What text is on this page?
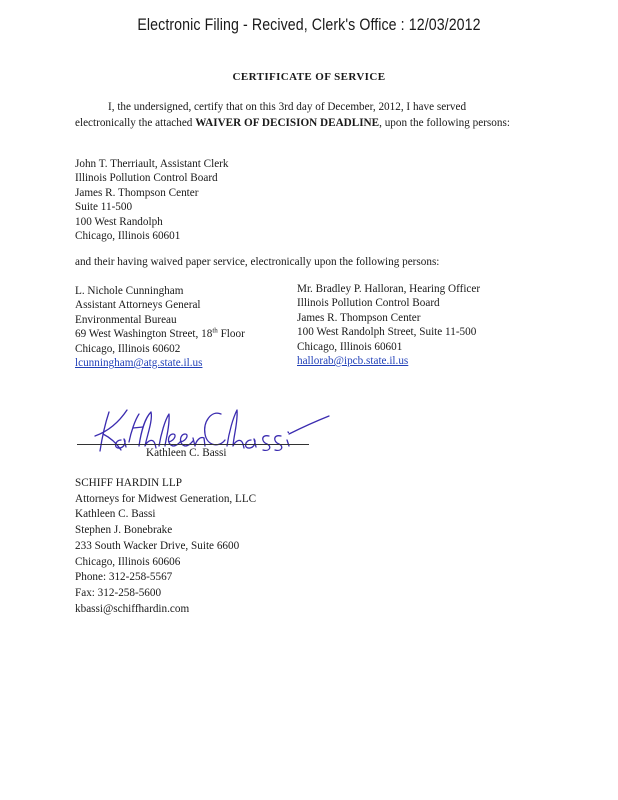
Electronic Filing - Recived, Clerk's Office : 12/03/2012
CERTIFICATE OF SERVICE
I, the undersigned, certify that on this 3rd day of December, 2012, I have served electronically the attached WAIVER OF DECISION DEADLINE, upon the following persons:
John T. Therriault, Assistant Clerk
Illinois Pollution Control Board
James R. Thompson Center
Suite 11-500
100 West Randolph
Chicago, Illinois 60601
and their having waived paper service, electronically upon the following persons:
L. Nichole Cunningham
Assistant Attorneys General
Environmental Bureau
69 West Washington Street, 18th Floor
Chicago, Illinois 60602
lcunningham@atg.state.il.us
Mr. Bradley P. Halloran, Hearing Officer
Illinois Pollution Control Board
James R. Thompson Center
100 West Randolph Street, Suite 11-500
Chicago, Illinois 60601
hallorab@ipcb.state.il.us
Kathleen C. Bassi
SCHIFF HARDIN LLP
Attorneys for Midwest Generation, LLC
Kathleen C. Bassi
Stephen J. Bonebrake
233 South Wacker Drive, Suite 6600
Chicago, Illinois 60606
Phone: 312-258-5567
Fax: 312-258-5600
kbassi@schiffhardin.com
